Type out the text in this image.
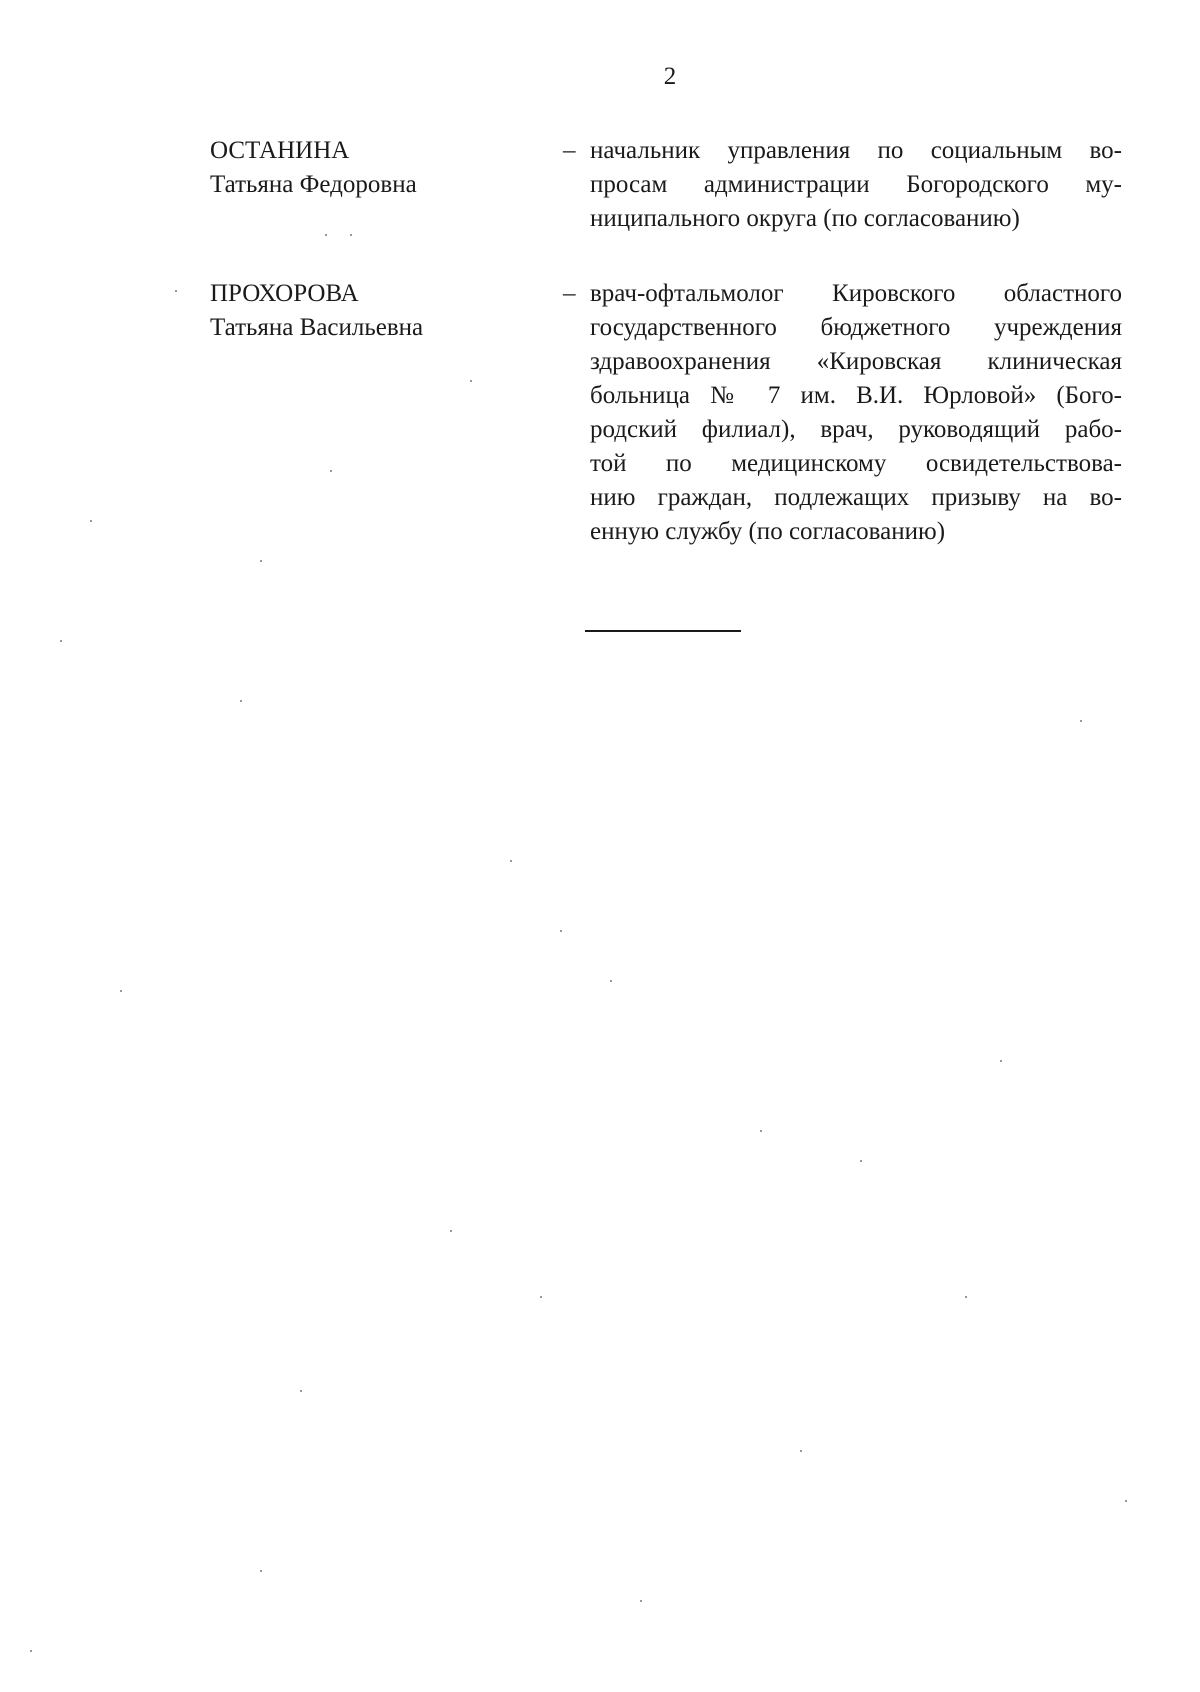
2
ОСТАНИНА
Татьяна Федоровна
– начальник управления по социальным во-
просам администрации Богородского му-
ниципального округа (по согласованию)
ПРОХОРОВА
Татьяна Васильевна
– врач-офтальмолог Кировского областного
государственного бюджетного учреждения
здравоохранения «Кировская клиническая
больница № 7 им. В.И. Юрловой» (Бого-
родский филиал), врач, руководящий рабо-
той по медицинскому освидетельствова-
нию граждан, подлежащих призыву на во-
енную службу (по согласованию)
